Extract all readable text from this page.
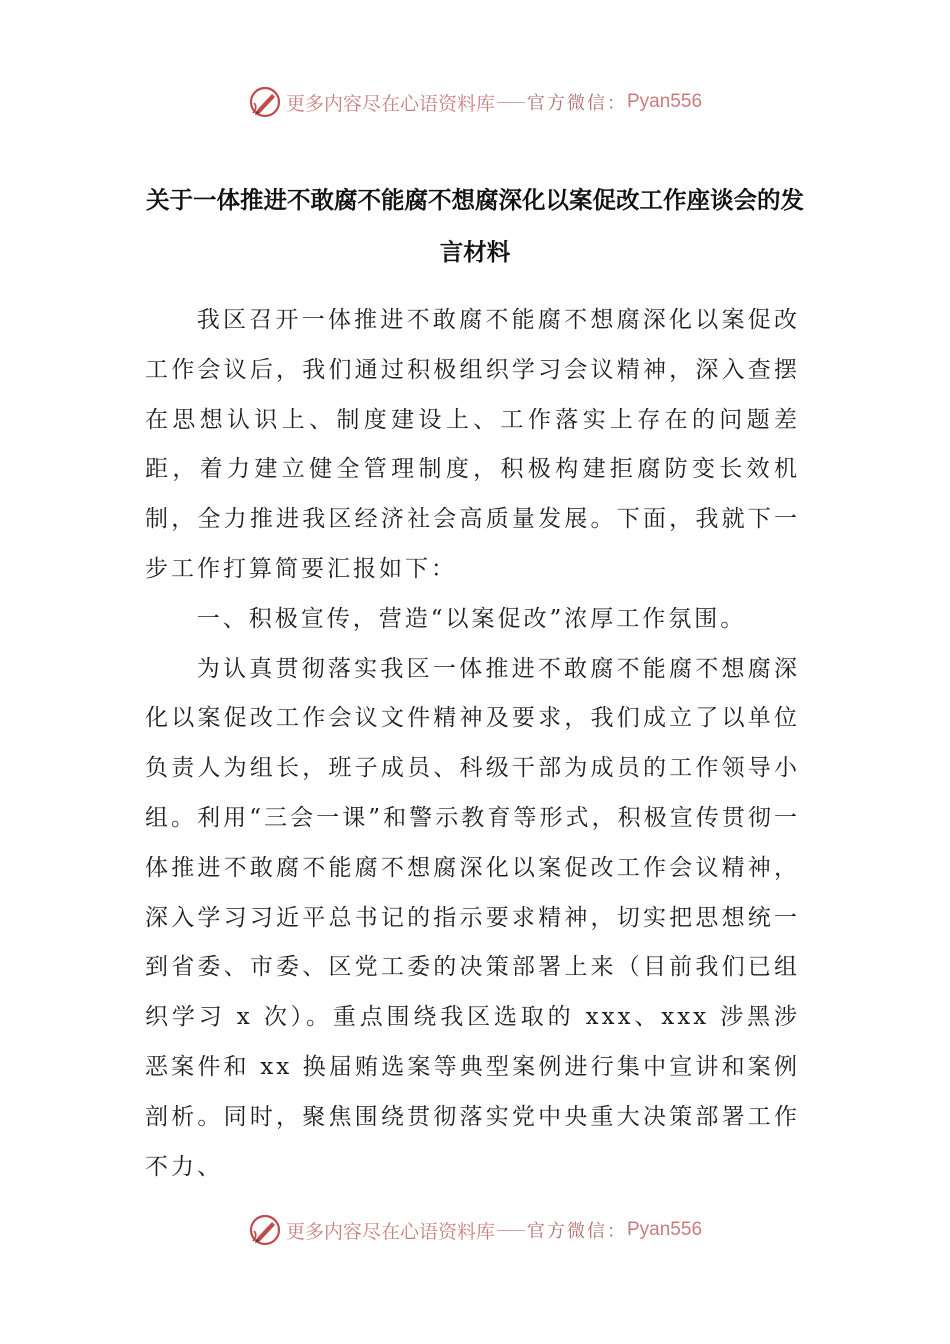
更多内容尽在心语资料库 官方微信： Pyan556
关于一体推进不敢腐不能腐不想腐深化以案促改工作座谈会的发言材料

我区召开一体推进不敢腐不能腐不想腐深化以案促改工作会议后，我们通过积极组织学习会议精神，深入查摆在思想认识上、制度建设上、工作落实上存在的问题差距，着力建立健全管理制度，积极构建拒腐防变长效机制，全力推进我区经济社会高质量发展。下面，我就下一步工作打算简要汇报如下：

一、积极宣传，营造“以案促改”浓厚工作氛围。

为认真贯彻落实我区一体推进不敢腐不能腐不想腐深化以案促改工作会议文件精神及要求，我们成立了以单位负责人为组长，班子成员、科级干部为成员的工作领导小组。利用“三会一课”和警示教育等形式，积极宣传贯彻一体推进不敢腐不能腐不想腐深化以案促改工作会议精神，深入学习习近平总书记的指示要求精神，切实把思想统一到省委、市委、区党工委的决策部署上来（目前我们已组织学习 x 次）。重点围绕我区选取的 xxx、xxx 涉黑涉恶案件和 xx 换届贿选案等典型案例进行集中宣讲和案例剖析。同时，聚焦围绕贯彻落实党中央重大决策部署工作不力、

更多内容尽在心语资料库 官方微信： Pyan556
